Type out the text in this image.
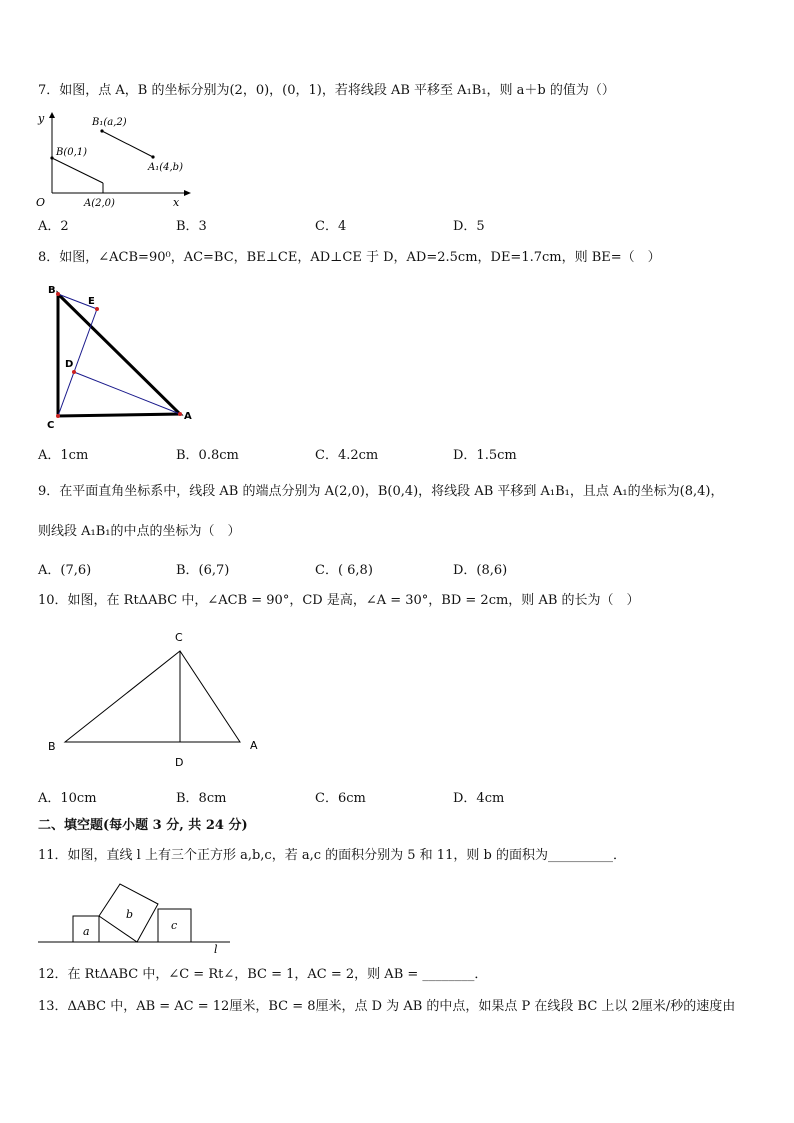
7．如图，点 A，B 的坐标分别为(2，0)，(0，1)，若将线段 AB 平移至 A₁B₁，则 a＋b 的值为（）
y
x
O
B(0,1)
A(2,0)
B₁(a,2)
A₁(4,b)
A．2	B．3	C．4	D．5
8．如图，∠ACB=90⁰，AC=BC，BE⊥CE，AD⊥CE 于 D，AD=2.5cm，DE=1.7cm，则 BE=（　）
B
E
D
C
A
A．1cm	B．0.8cm	C．4.2cm	D．1.5cm
9．在平面直角坐标系中，线段 AB 的端点分别为 A(2,0)，B(0,4)，将线段 AB 平移到 A₁B₁，且点 A₁的坐标为(8,4)，
则线段 A₁B₁的中点的坐标为（　）
A．(7,6)	B．(6,7)	C．( 6,8)	D．(8,6)
10．如图，在 RtΔABC 中，∠ACB = 90°，CD 是高，∠A = 30°，BD = 2cm，则 AB 的长为（　）
C
B	A
D
A．10cm	B．8cm	C．6cm	D．4cm
二、填空题(每小题 3 分, 共 24 分)
11．如图，直线 l 上有三个正方形 a,b,c，若 a,c 的面积分别为 5 和 11，则 b 的面积为__________．
a
b
c
l
12．在 RtΔABC 中，∠C = Rt∠，BC = 1，AC = 2，则 AB = ________．
13．ΔABC 中，AB = AC = 12厘米，BC = 8厘米，点 D 为 AB 的中点，如果点 P 在线段 BC 上以 2厘米/秒的速度由
